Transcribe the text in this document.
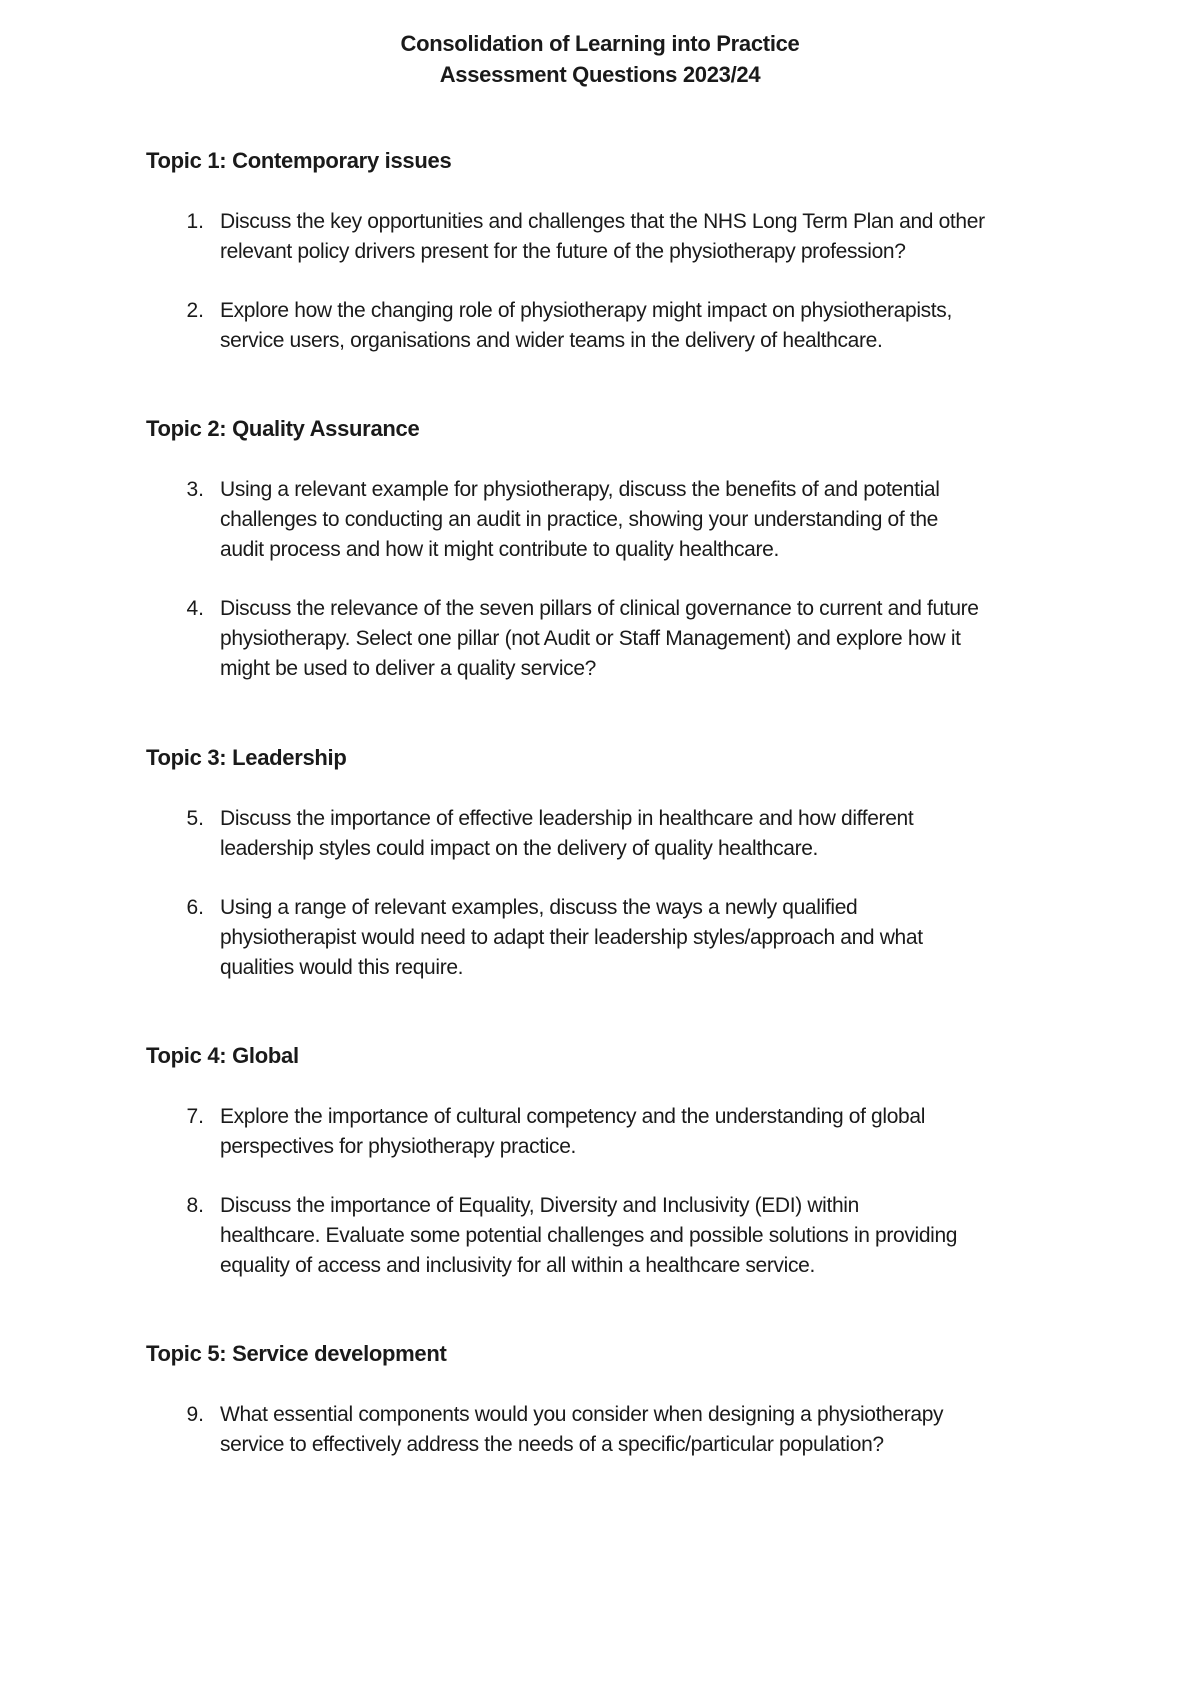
Consolidation of Learning into Practice
Assessment Questions 2023/24
Topic 1: Contemporary issues
1. Discuss the key opportunities and challenges that the NHS Long Term Plan and other
relevant policy drivers present for the future of the physiotherapy profession?
2. Explore how the changing role of physiotherapy might impact on physiotherapists,
service users, organisations and wider teams in the delivery of healthcare.
Topic 2: Quality Assurance
3. Using a relevant example for physiotherapy, discuss the benefits of and potential
challenges to conducting an audit in practice, showing your understanding of the
audit process and how it might contribute to quality healthcare.
4. Discuss the relevance of the seven pillars of clinical governance to current and future
physiotherapy. Select one pillar (not Audit or Staff Management) and explore how it
might be used to deliver a quality service?
Topic 3: Leadership
5. Discuss the importance of effective leadership in healthcare and how different
leadership styles could impact on the delivery of quality healthcare.
6. Using a range of relevant examples, discuss the ways a newly qualified
physiotherapist would need to adapt their leadership styles/approach and what
qualities would this require.
Topic 4: Global
7. Explore the importance of cultural competency and the understanding of global
perspectives for physiotherapy practice.
8. Discuss the importance of Equality, Diversity and Inclusivity (EDI) within
healthcare. Evaluate some potential challenges and possible solutions in providing
equality of access and inclusivity for all within a healthcare service.
Topic 5: Service development
9. What essential components would you consider when designing a physiotherapy
service to effectively address the needs of a specific/particular population?
